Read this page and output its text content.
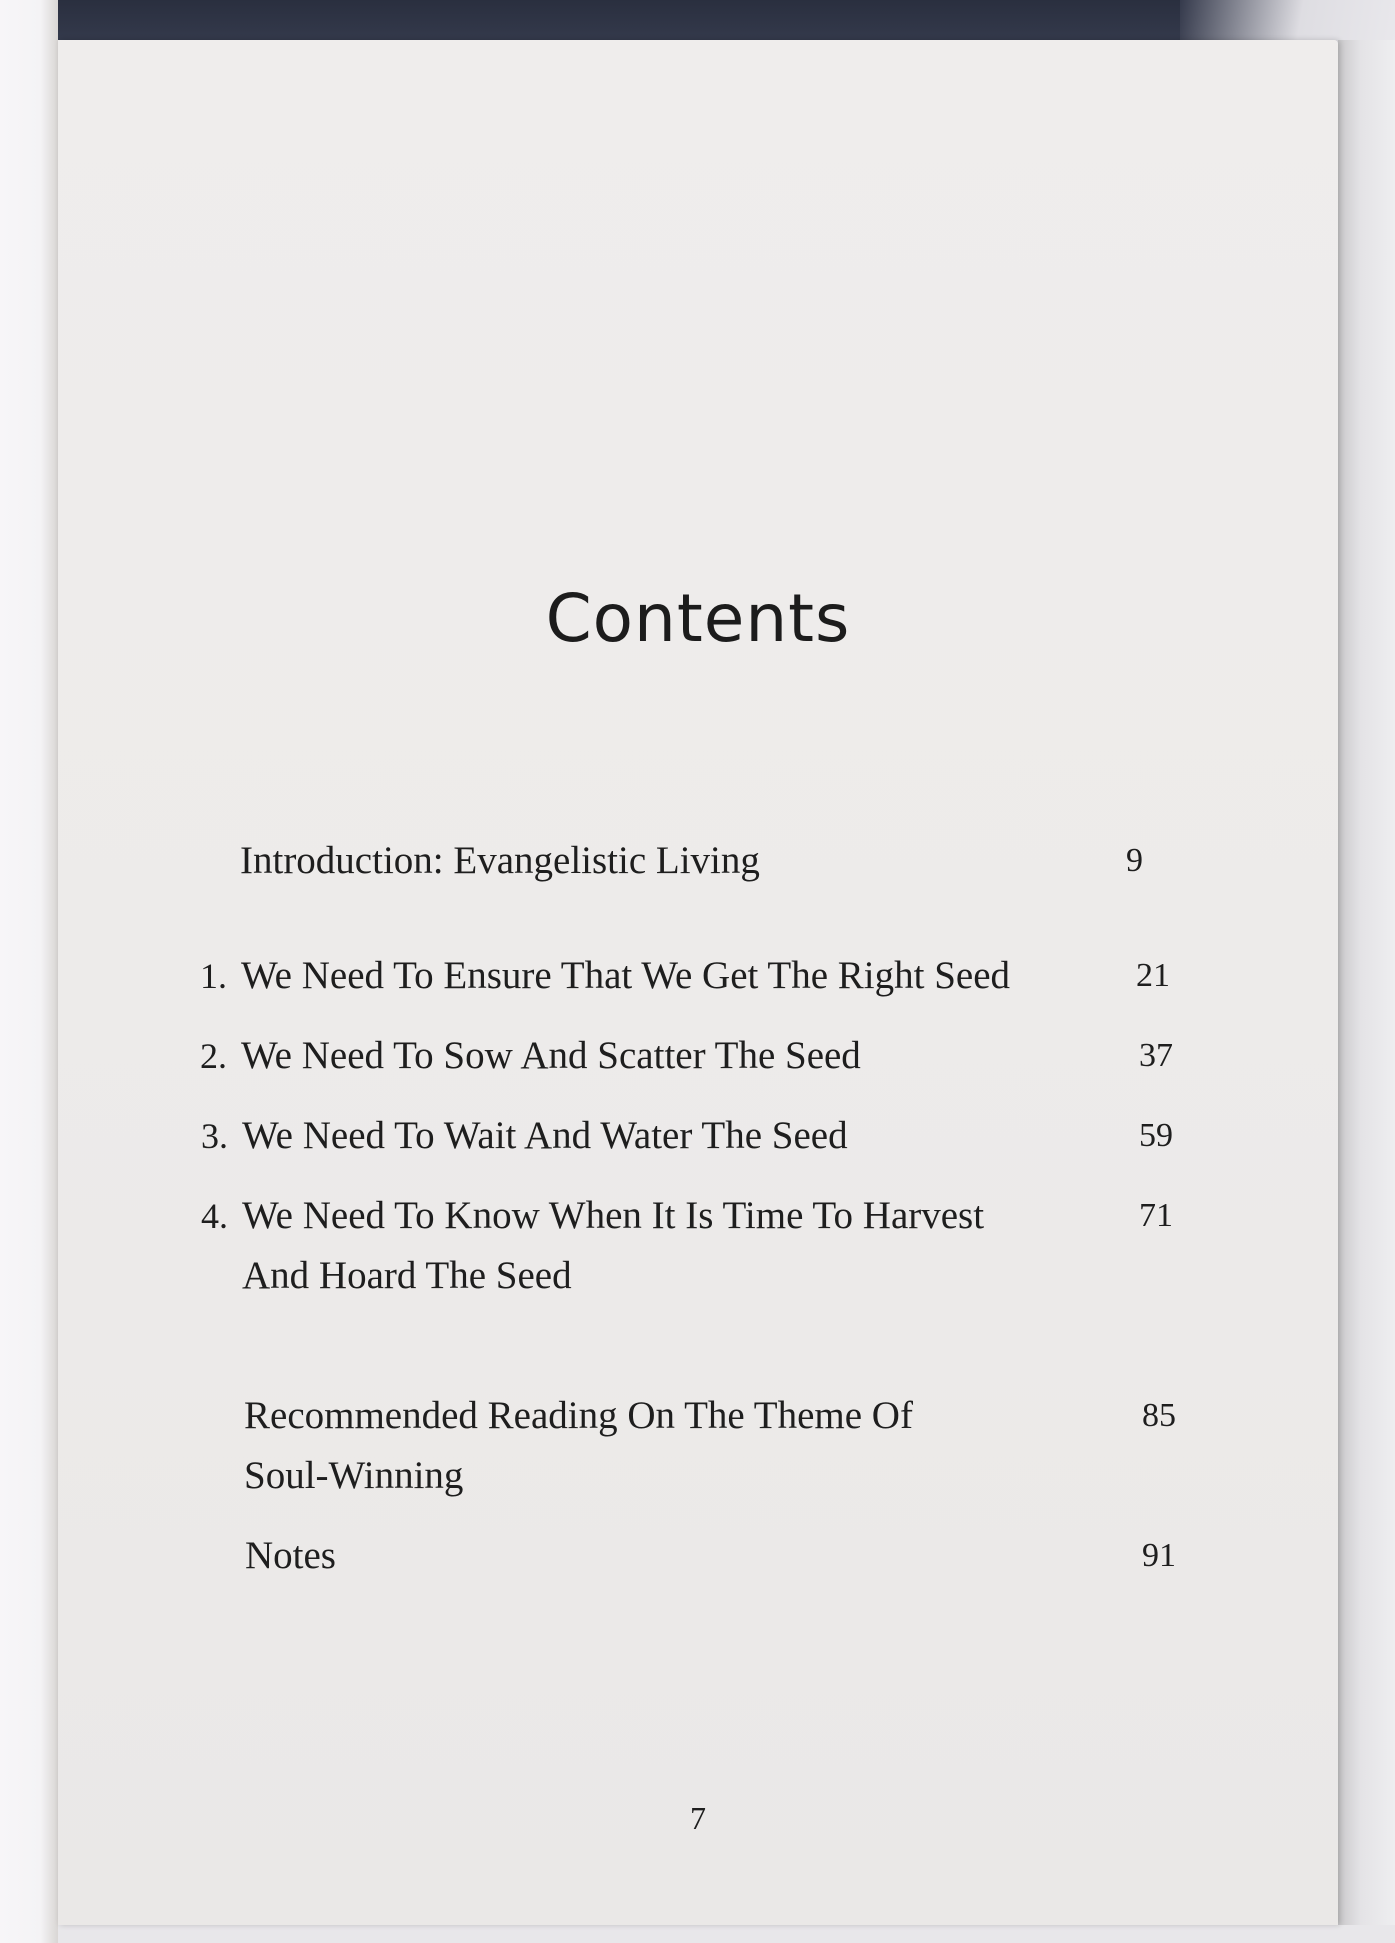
Contents
Introduction: Evangelistic Living	9
1. We Need To Ensure That We Get The Right Seed	21
2. We Need To Sow And Scatter The Seed	37
3. We Need To Wait And Water The Seed	59
4. We Need To Know When It Is Time To Harvest	71
And Hoard The Seed
Recommended Reading On The Theme Of	85
Soul-Winning
Notes	91
7
